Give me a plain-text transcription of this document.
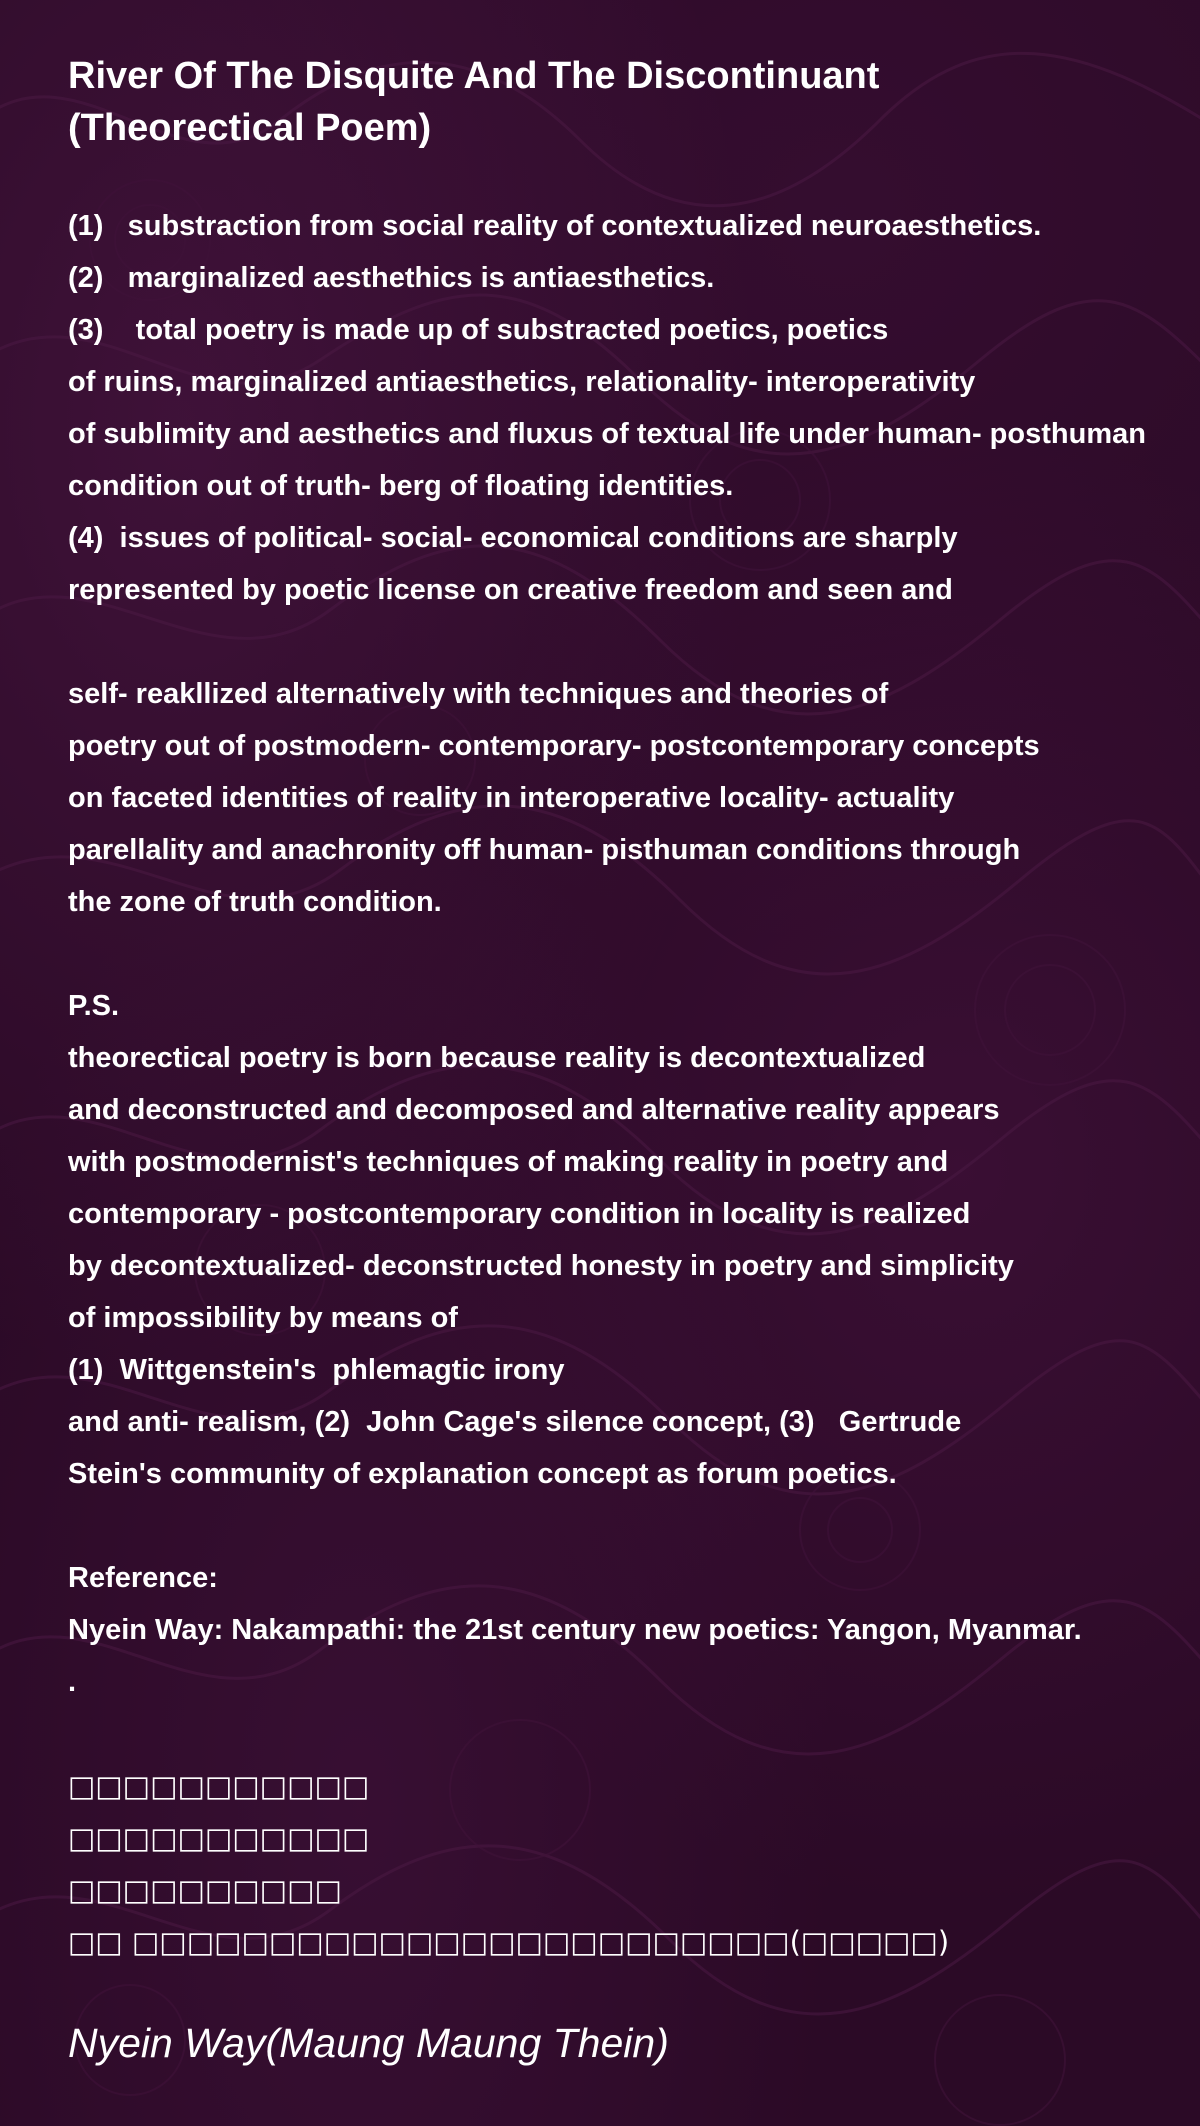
River Of The Disquite And The Discontinuant
(Theorectical Poem)
(1)   substraction from social reality of contextualized neuroaesthetics.
(2)   marginalized aesthethics is antiaesthetics.
(3)    total poetry is made up of substracted poetics, poetics
of ruins, marginalized antiaesthetics, relationality- interoperativity
of sublimity and aesthetics and fluxus of textual life under human- posthuman
condition out of truth- berg of floating identities.
(4)  issues of political- social- economical conditions are sharply
represented by poetic license on creative freedom and seen and
self- reakllized alternatively with techniques and theories of
poetry out of postmodern- contemporary- postcontemporary concepts
on faceted identities of reality in interoperative locality- actuality
parellality and anachronity off human- pisthuman conditions through
the zone of truth condition.
P.S.
theorectical poetry is born because reality is decontextualized
and deconstructed and decomposed and alternative reality appears
with postmodernist's techniques of making reality in poetry and
contemporary - postcontemporary condition in locality is realized
by decontextualized- deconstructed honesty in poetry and simplicity
of impossibility by means of
(1)  Wittgenstein's  phlemagtic irony
and anti- realism, (2)  John Cage's silence concept, (3)   Gertrude
Stein's community of explanation concept as forum poetics.
Reference:
Nyein Way: Nakampathi: the 21st century new poetics: Yangon, Myanmar.
.
□□□□□□□□□□□
□□□□□□□□□□□
□□□□□□□□□□
□□ □□□□□□□□□□□□□□□□□□□□□□□□(□□□□□)
Nyein Way(Maung Maung Thein)
